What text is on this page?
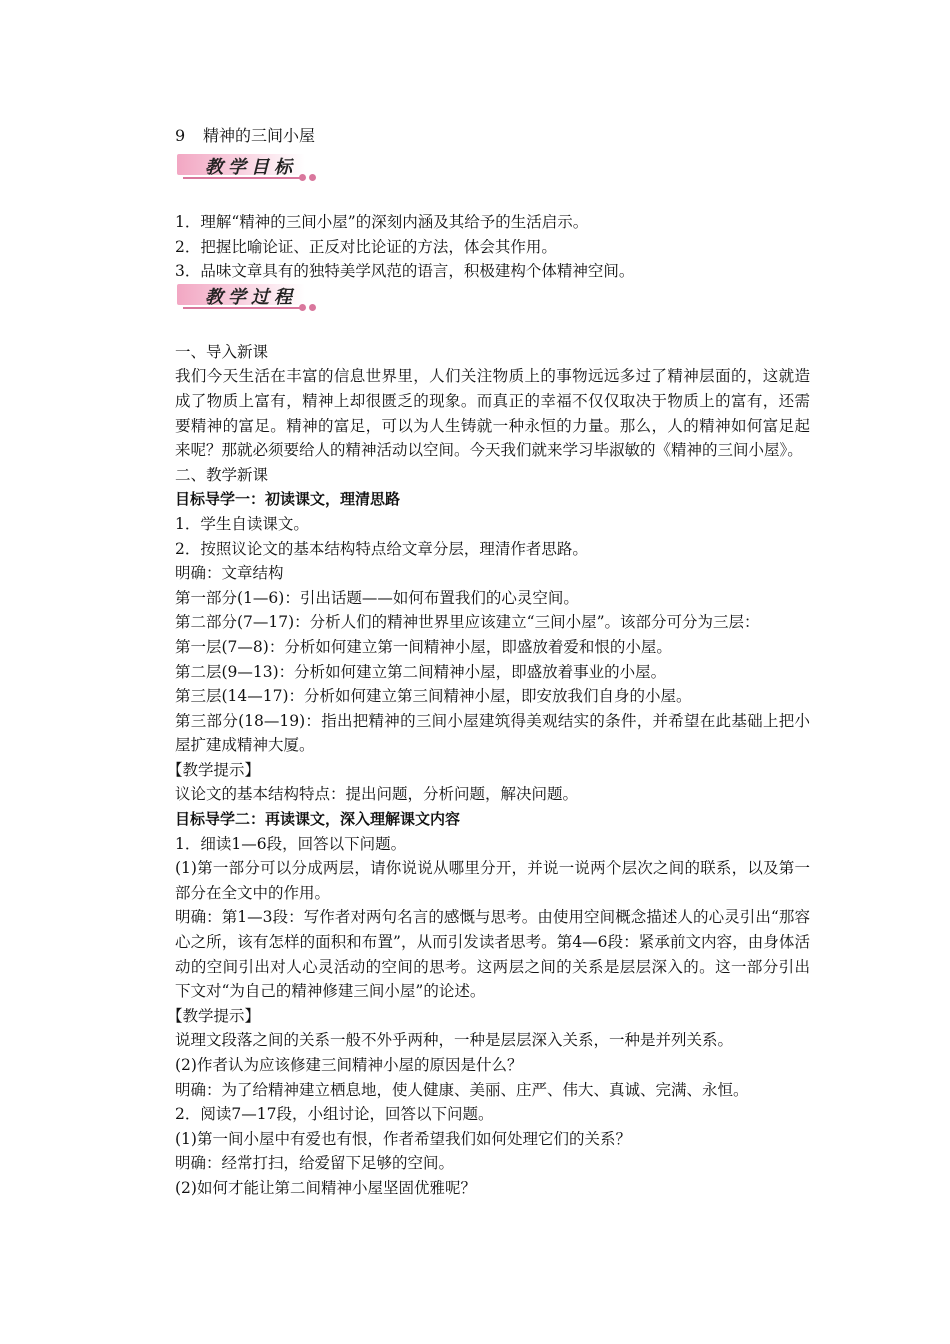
9 精神的三间小屋

教学目标

1．理解“精神的三间小屋”的深刻内涵及其给予的生活启示。

2．把握比喻论证、正反对比论证的方法，体会其作用。

3．品味文章具有的独特美学风范的语言，积极建构个体精神空间。

教学过程

一、导入新课

我们今天生活在丰富的信息世界里，人们关注物质上的事物远远多过了精神层面的，这就造成了物质上富有，精神上却很匮乏的现象。而真正的幸福不仅仅取决于物质上的富有，还需要精神的富足。精神的富足，可以为人生铸就一种永恒的力量。那么，人的精神如何富足起来呢？那就必须要给人的精神活动以空间。今天我们就来学习毕淑敏的《精神的三间小屋》。

二、教学新课

目标导学一：初读课文，理清思路

1．学生自读课文。

2．按照议论文的基本结构特点给文章分层，理清作者思路。

明确：文章结构

第一部分(1—6)：引出话题——如何布置我们的心灵空间。

第二部分(7—17)：分析人们的精神世界里应该建立“三间小屋”。该部分可分为三层：

第一层(7—8)：分析如何建立第一间精神小屋，即盛放着爱和恨的小屋。

第二层(9—13)：分析如何建立第二间精神小屋，即盛放着事业的小屋。

第三层(14—17)：分析如何建立第三间精神小屋，即安放我们自身的小屋。

第三部分(18—19)：指出把精神的三间小屋建筑得美观结实的条件，并希望在此基础上把小屋扩建成精神大厦。

【教学提示】

议论文的基本结构特点：提出问题，分析问题，解决问题。

目标导学二：再读课文，深入理解课文内容

1．细读1—6段，回答以下问题。

(1)第一部分可以分成两层，请你说说从哪里分开，并说一说两个层次之间的联系，以及第一部分在全文中的作用。

明确：第1—3段：写作者对两句名言的感慨与思考。由使用空间概念描述人的心灵引出“那容心之所，该有怎样的面积和布置”，从而引发读者思考。第4—6段：紧承前文内容，由身体活动的空间引出对人心灵活动的空间的思考。这两层之间的关系是层层深入的。这一部分引出下文对“为自己的精神修建三间小屋”的论述。

【教学提示】

说理文段落之间的关系一般不外乎两种，一种是层层深入关系，一种是并列关系。

(2)作者认为应该修建三间精神小屋的原因是什么？

明确：为了给精神建立栖息地，使人健康、美丽、庄严、伟大、真诚、完满、永恒。

2．阅读7—17段，小组讨论，回答以下问题。

(1)第一间小屋中有爱也有恨，作者希望我们如何处理它们的关系？

明确：经常打扫，给爱留下足够的空间。

(2)如何才能让第二间精神小屋坚固优雅呢？
